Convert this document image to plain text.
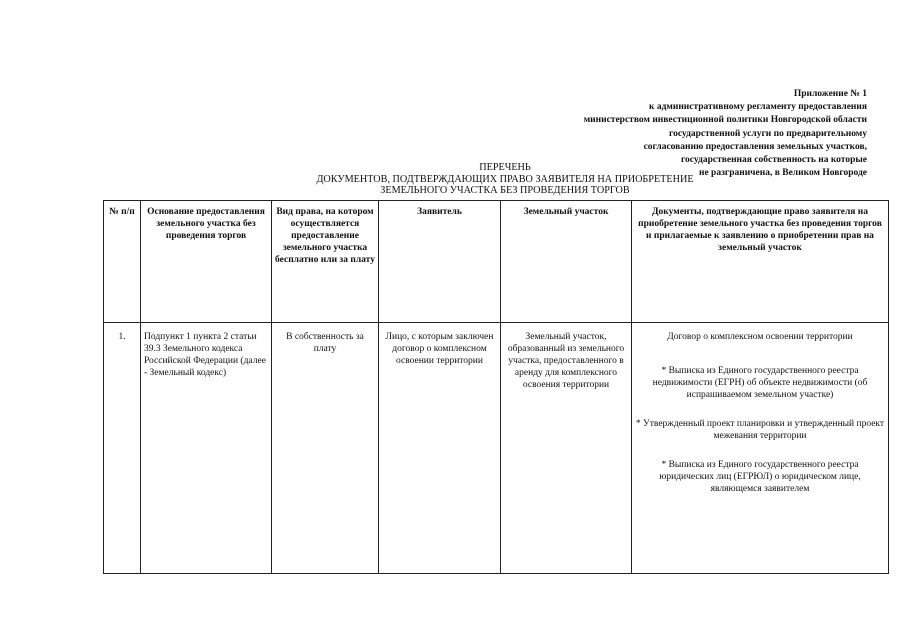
Приложение № 1
к административному регламенту предоставления
министерством инвестиционной политики Новгородской области
государственной услуги по предварительному
согласованию предоставления земельных участков,
государственная собственность на которые
не разграничена, в Великом Новгороде
ПЕРЕЧЕНЬ
ДОКУМЕНТОВ, ПОДТВЕРЖДАЮЩИХ ПРАВО ЗАЯВИТЕЛЯ НА ПРИОБРЕТЕНИЕ
ЗЕМЕЛЬНОГО УЧАСТКА БЕЗ ПРОВЕДЕНИЯ ТОРГОВ
№ п/п	Основание предоставления земельного участка без проведения торгов	Вид права, на котором осуществляется предоставление земельного участка бесплатно или за плату	Заявитель	Земельный участок	Документы, подтверждающие право заявителя на приобретение земельного участка без проведения торгов и прилагаемые к заявлению о приобретении прав на земельный участок
1.	Подпункт 1 пункта 2 статьи 39.3 Земельного кодекса Российской Федерации (далее - Земельный кодекс)	В собственность за плату	Лицо, с которым заключен договор о комплексном освоении территории	Земельный участок, образованный из земельного участка, предоставленного в аренду для комплексного освоения территории	Договор о комплексном освоении территории

* Выписка из Единого государственного реестра недвижимости (ЕГРН) об объекте недвижимости (об испрашиваемом земельном участке)

* Утвержденный проект планировки и утвержденный проект межевания территории

* Выписка из Единого государственного реестра юридических лиц (ЕГРЮЛ) о юридическом лице, являющемся заявителем
